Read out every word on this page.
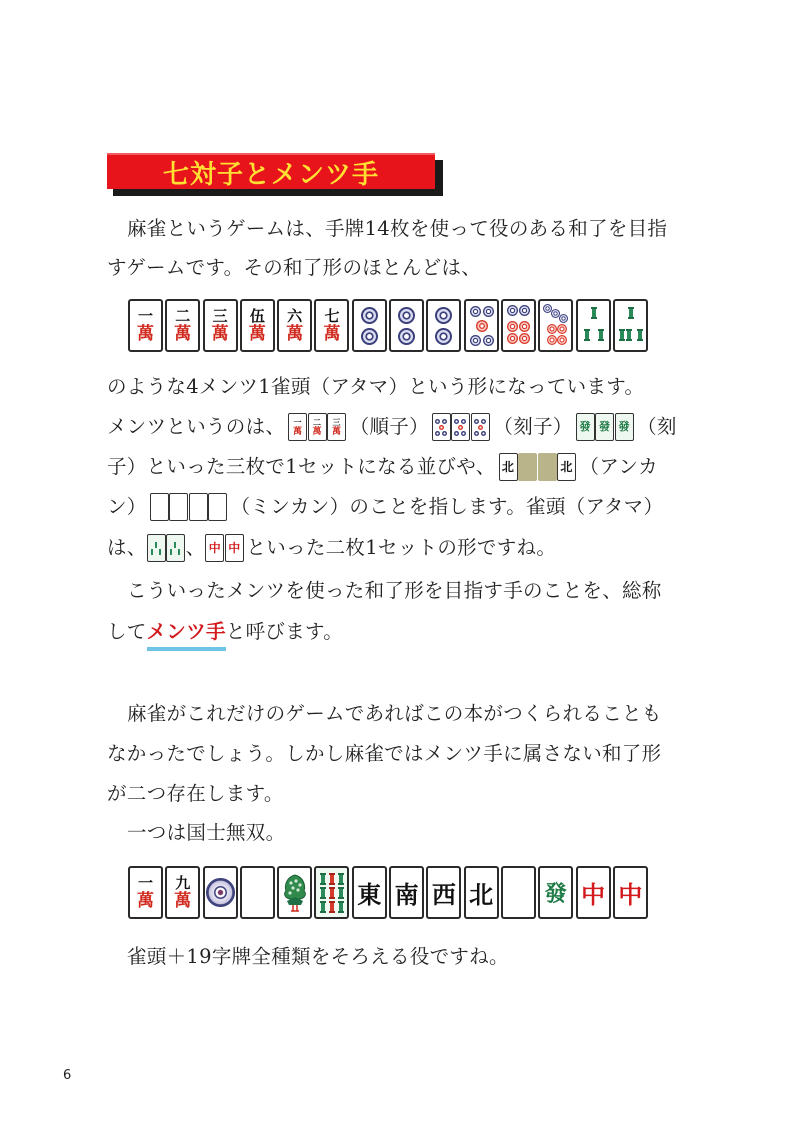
七対子とメンツ手
麻雀というゲームは、手牌14枚を使って役のある和了を目指
すゲームです。その和了形のほとんどは、
一
萬
二
萬
三
萬
伍
萬
六
萬
七
萬
のような4メンツ1雀頭（アタマ）という形になっています。
メンツというのは、 一
萬
二
萬
三
萬 （順子）	（刻子） 發 發 發 （刻
子）といった三枚で1セットになる並びや、 北	北 （アンカ
ン）	（ミンカン）のことを指します。雀頭（アタマ）
は、 、 中 中 といった二枚1セットの形ですね。
こういったメンツを使った和了形を目指す手のことを、総称
して メンツ手 と呼びます。
麻雀がこれだけのゲームであればこの本がつくられることも
なかったでしょう。しかし麻雀ではメンツ手に属さない和了形
が二つ存在します。
一つは国士無双。
一
萬
九
萬	東 南 西 北 發 中 中
雀頭＋19字牌全種類をそろえる役ですね。
6
